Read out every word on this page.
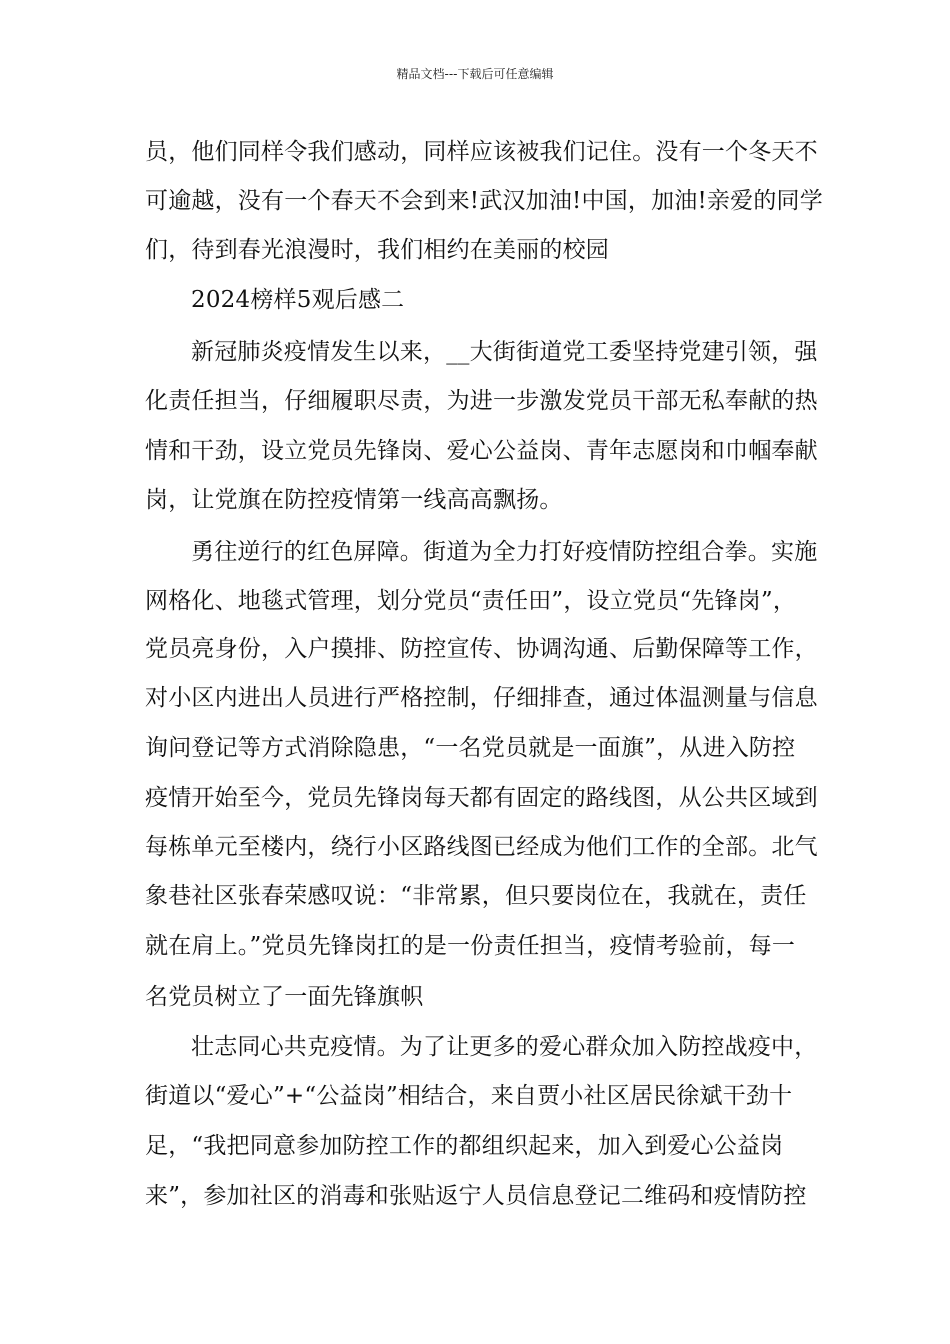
精品文档---下载后可任意编辑
员，他们同样令我们感动，同样应该被我们记住。没有一个冬天不
可逾越，没有一个春天不会到来!武汉加油!中国，加油!亲爱的同学
们，待到春光浪漫时，我们相约在美丽的校园
2024榜样5观后感二
新冠肺炎疫情发生以来，__大街街道党工委坚持党建引领，强
化责任担当，仔细履职尽责，为进一步激发党员干部无私奉献的热
情和干劲，设立党员先锋岗、爱心公益岗、青年志愿岗和巾帼奉献
岗，让党旗在防控疫情第一线高高飘扬。
勇往逆行的红色屏障。街道为全力打好疫情防控组合拳。实施
网格化、地毯式管理，划分党员“责任田”，设立党员“先锋岗”，
党员亮身份，入户摸排、防控宣传、协调沟通、后勤保障等工作，
对小区内进出人员进行严格控制，仔细排查，通过体温测量与信息
询问登记等方式消除隐患，“一名党员就是一面旗”，从进入防控
疫情开始至今，党员先锋岗每天都有固定的路线图，从公共区域到
每栋单元至楼内，绕行小区路线图已经成为他们工作的全部。北气
象巷社区张春荣感叹说：“非常累，但只要岗位在，我就在，责任
就在肩上。”党员先锋岗扛的是一份责任担当，疫情考验前，每一
名党员树立了一面先锋旗帜
壮志同心共克疫情。为了让更多的爱心群众加入防控战疫中，
街道以“爱心”+“公益岗”相结合，来自贾小社区居民徐斌干劲十
足，“我把同意参加防控工作的都组织起来，加入到爱心公益岗
来”，参加社区的消毒和张贴返宁人员信息登记二维码和疫情防控
